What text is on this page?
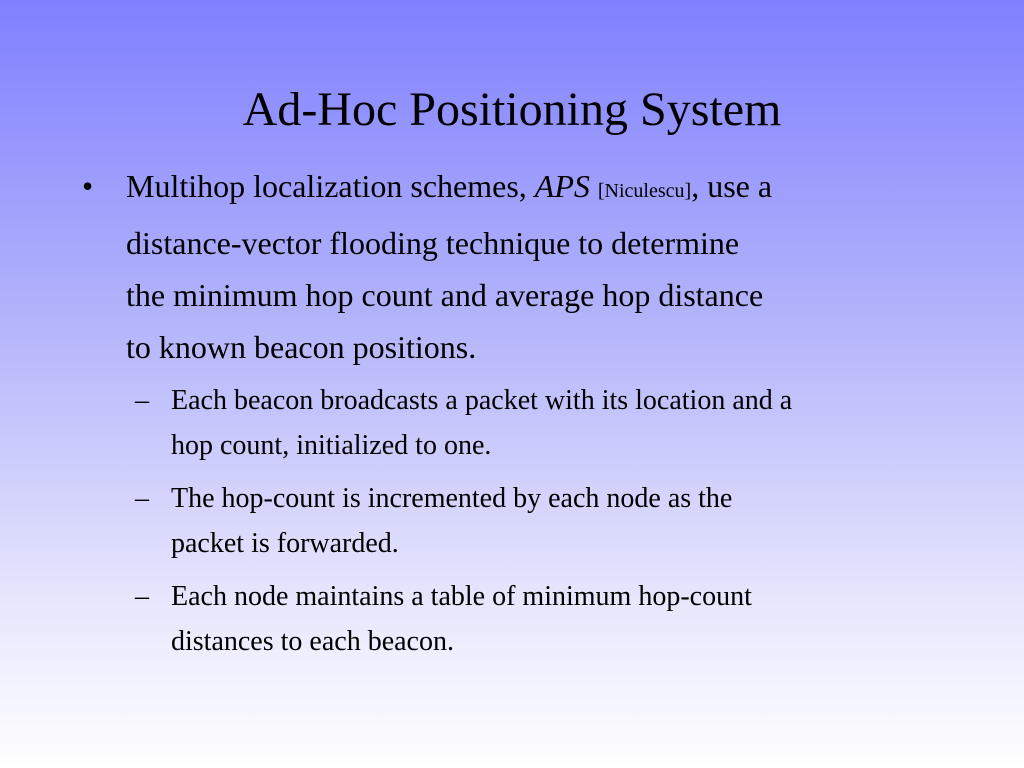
Ad-Hoc Positioning System
•	Multihop localization schemes, APS [Niculescu], use a
distance-vector flooding technique to determine
the minimum hop count and average hop distance
to known beacon positions.
– Each beacon broadcasts a packet with its location and a
hop count, initialized to one.
– The hop-count is incremented by each node as the
packet is forwarded.
– Each node maintains a table of minimum hop-count
distances to each beacon.
